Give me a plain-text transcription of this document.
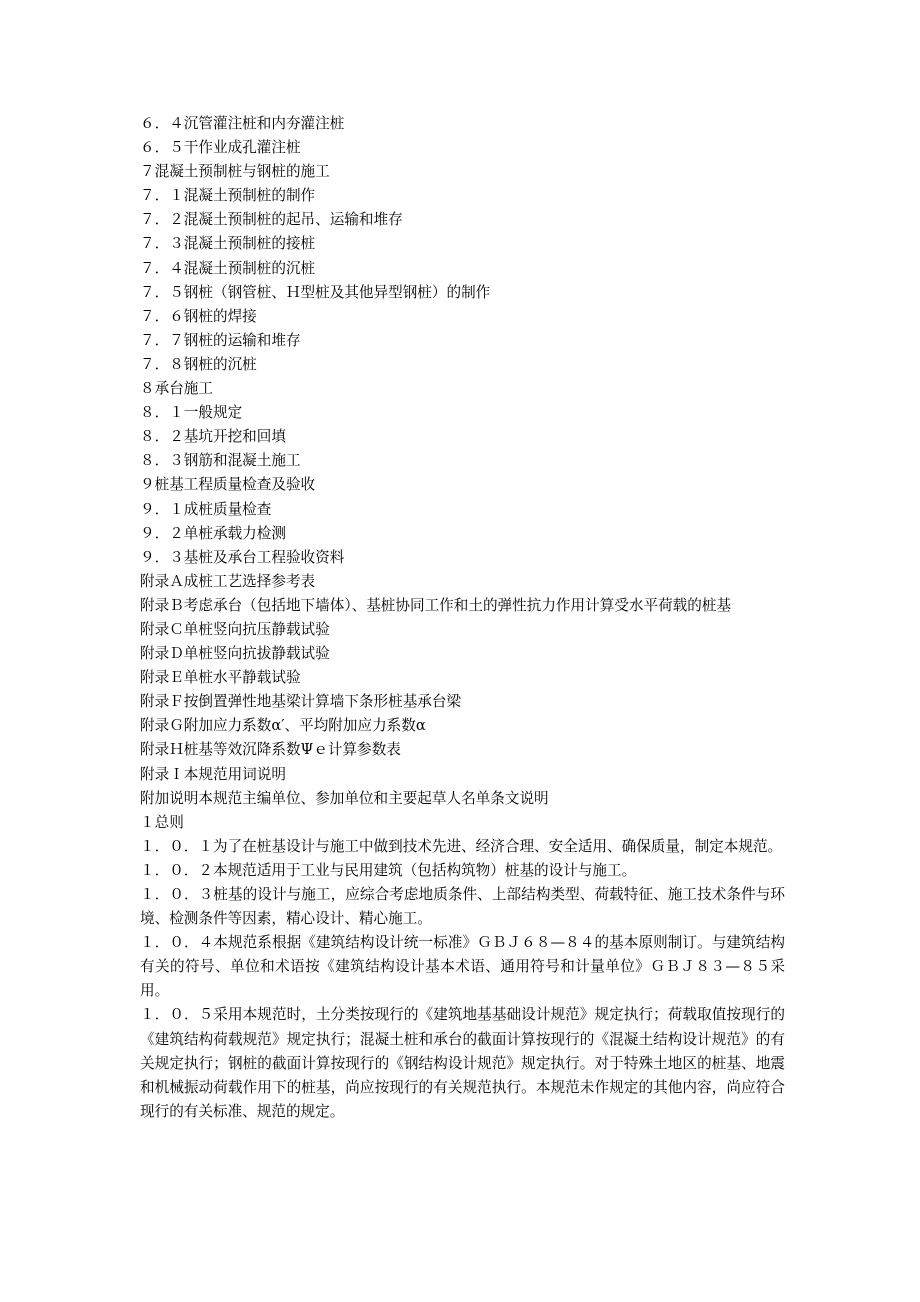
６．４沉管灌注桩和内夯灌注桩

６．５干作业成孔灌注桩

７混凝土预制桩与钢桩的施工

７．１混凝土预制桩的制作

７．２混凝土预制桩的起吊、运输和堆存

７．３混凝土预制桩的接桩

７．４混凝土预制桩的沉桩

７．５钢桩（钢管桩、Ｈ型桩及其他异型钢桩）的制作

７．６钢桩的焊接

７．７钢桩的运输和堆存

７．８钢桩的沉桩

８承台施工

８．１一般规定

８．２基坑开挖和回填

８．３钢筋和混凝土施工

９桩基工程质量检查及验收

９．１成桩质量检查

９．２单桩承载力检测

９．３基桩及承台工程验收资料

附录Ａ成桩工艺选择参考表

附录Ｂ考虑承台（包括地下墙体）、基桩协同工作和土的弹性抗力作用计算受水平荷载的桩基

附录Ｃ单桩竖向抗压静载试验

附录Ｄ单桩竖向抗拔静载试验

附录Ｅ单桩水平静载试验

附录Ｆ按倒置弹性地基梁计算墙下条形桩基承台梁

附录Ｇ附加应力系数α′、平均附加应力系数α

附录Ｈ桩基等效沉降系数Ψｅ计算参数表

附录Ｉ本规范用词说明

附加说明本规范主编单位、参加单位和主要起草人名单条文说明

１总则

１．０．１为了在桩基设计与施工中做到技术先进、经济合理、安全适用、确保质量，制定本规范。

１．０．２本规范适用于工业与民用建筑（包括构筑物）桩基的设计与施工。

１．０．３桩基的设计与施工，应综合考虑地质条件、上部结构类型、荷载特征、施工技术条件与环境、检测条件等因素，精心设计、精心施工。

１．０．４本规范系根据《建筑结构设计统一标准》ＧＢＪ６８—８４的基本原则制订。与建筑结构有关的符号、单位和术语按《建筑结构设计基本术语、通用符号和计量单位》ＧＢＪ８３—８５采用。

１．０．５采用本规范时，土分类按现行的《建筑地基基础设计规范》规定执行；荷载取值按现行的《建筑结构荷载规范》规定执行；混凝土桩和承台的截面计算按现行的《混凝土结构设计规范》的有关规定执行；钢桩的截面计算按现行的《钢结构设计规范》规定执行。对于特殊土地区的桩基、地震和机械振动荷载作用下的桩基，尚应按现行的有关规范执行。本规范未作规定的其他内容，尚应符合现行的有关标准、规范的规定。
